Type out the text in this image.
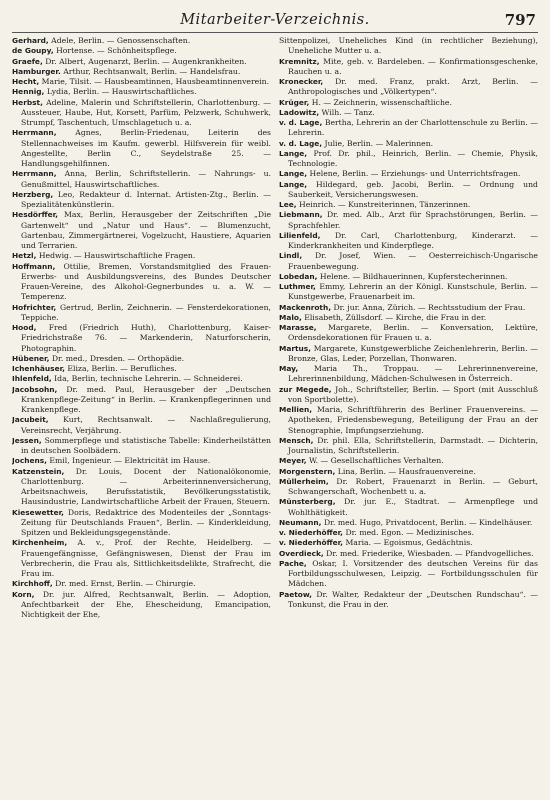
Mitarbeiter-Verzeichnis.	797

Gerhard, Adele, Berlin. — Genossenschaften.

de Goupy, Hortense. — Schönheitspflege.

Graefe, Dr. Albert, Augenarzt, Berlin. — Augenkrankheiten.

Hamburger. Arthur, Rechtsanwalt, Berlin. — Handelsfrau.

Hecht, Marie, Tilsit. — Hausbeamtinnen, Hausbeamtinnenverein.

Hennig, Lydia, Berlin. — Hauswirtschaftliches.

Herbst, Adeline, Malerin und Schriftstellerin, Charlottenburg. — Aussteuer, Haube, Hut, Korsett, Parfüm, Pelzwerk, Schuhwerk, Strumpf, Taschentuch, Umschlagetuch u. a.

Herrmann, Agnes, Berlin-Friedenau, Leiterin des Stellennachweises im Kaufm. gewerbl. Hilfsverein für weibl. Angestellte, Berlin C., Seydelstraße 25. — Handlungsgehilfinnen.

Herrmann, Anna, Berlin, Schriftstellerin. — Nahrungs- u. Genußmittel, Hauswirtschaftliches.

Herzberg, Leo, Redakteur d. Internat. Artisten-Ztg., Berlin. — Spezialitätenkünstlerin.

Hesdörffer, Max, Berlin, Herausgeber der Zeitschriften „Die Gartenwelt“ und „Natur und Haus“. — Blumenzucht, Gartenbau, Zimmergärtnerei, Vogelzucht, Haustiere, Aquarien und Terrarien.

Hetzl, Hedwig. — Hauswirtschaftliche Fragen.

Hoffmann, Ottilie, Bremen, Vorstandsmitglied des Frauen-Erwerbs- und Ausbildungsvereins, des Bundes Deutscher Frauen-Vereine, des Alkohol-Gegnerbundes u. a. W. — Temperenz.

Hofrichter, Gertrud, Berlin, Zeichnerin. — Fensterdekorationen, Teppiche.

Hood, Fred (Friedrich Huth), Charlottenburg, Kaiser-Friedrichstraße 76. — Markenderin, Naturforscherin, Photographin.

Hübener, Dr. med., Dresden. — Orthopädie.

Ichenhäuser, Eliza, Berlin. — Berufliches.

Ihlenfeld, Ida, Berlin, technische Lehrerin. — Schneiderei.

Jacobsohn, Dr. med. Paul, Herausgeber der „Deutschen Krankenpflege-Zeitung“ in Berlin. — Krankenpflegerinnen und Krankenpflege.

Jacubeit, Kurt, Rechtsanwalt. — Nachlaßregulierung, Vereinsrecht, Verjährung.

Jessen, Sommerpflege und statistische Tabelle: Kinderheilstätten in deutschen Soolbädern.

Jochens, Emil, Ingenieur. — Elektricität im Hause.

Katzenstein, Dr. Louis, Docent der Nationalökonomie, Charlottenburg. — Arbeiterinnenversicherung, Arbeitsnachweis, Berufsstatistik, Bevölkerungsstatistik, Hausindustrie, Landwirtschaftliche Arbeit der Frauen, Steuern.

Kiesewetter, Doris, Redaktrice des Modenteiles der „Sonntags-Zeitung für Deutschlands Frauen“, Berlin. — Kinderkleidung, Spitzen und Bekleidungsgegenstände.

Kirchenheim, A. v., Prof. der Rechte, Heidelberg. — Frauengefängnisse, Gefängniswesen, Dienst der Frau im Verbrecherin, die Frau als, Sittlichkeitsdelikte, Strafrecht, die Frau im.

Kirchhoff, Dr. med. Ernst, Berlin. — Chirurgie.

Korn, Dr. jur. Alfred, Rechtsanwalt, Berlin. — Adoption, Anfechtbarkeit der Ehe, Ehescheidung, Emancipation, Nichtigkeit der Ehe,

Sittenpolizei, Uneheliches Kind (in rechtlicher Beziehung), Uneheliche Mutter u. a.

Kremnitz, Mite, geb. v. Bardeleben. — Konfirmationsgeschenke, Rauchen u. a.

Kronecker, Dr. med. Franz, prakt. Arzt, Berlin. — Anthropologisches und „Völkertypen“.

Krüger, H. — Zeichnerin, wissenschaftliche.

Ladowitz, Wilh. — Tanz.

v. d. Lage, Bertha, Lehrerin an der Charlottenschule zu Berlin. — Lehrerin.

v. d. Lage, Julie, Berlin. — Malerinnen.

Lange, Prof. Dr. phil., Heinrich, Berlin. — Chemie, Physik, Technologie.

Lange, Helene, Berlin. — Erziehungs- und Unterrichtsfragen.

Lange, Hildegard, geb. Jacobi, Berlin. — Ordnung und Sauberkeit, Versicherungswesen.

Lee, Heinrich. — Kunstreiterinnen, Tänzerinnen.

Liebmann, Dr. med. Alb., Arzt für Sprachstörungen, Berlin. — Sprachfehler.

Lilienfeld, Dr. Carl, Charlottenburg, Kinderarzt. — Kinderkrankheiten und Kinderpflege.

Lindl, Dr. Josef, Wien. — Oesterreichisch-Ungarische Frauenbewegung.

Lobedan, Helene. — Bildhauerinnen, Kupferstecherinnen.

Luthmer, Emmy, Lehrerin an der Königl. Kunstschule, Berlin. — Kunstgewerbe, Frauenarbeit im.

Mackenroth, Dr. jur. Anna, Zürich. — Rechtsstudium der Frau.

Malo, Elisabeth, Züllsdorf. — Kirche, die Frau in der.

Marasse, Margarete, Berlin. — Konversation, Lektüre, Ordensdekorationen für Frauen u. a.

Martus, Margarete, Kunstgewerbliche Zeichenlehrerin, Berlin. — Bronze, Glas, Leder, Porzellan, Thonwaren.

May, Maria Th., Troppau. — Lehrerinnenvereine, Lehrerinnenbildung, Mädchen-Schulwesen in Österreich.

zur Megede, Joh., Schriftsteller, Berlin. — Sport (mit Ausschluß von Sportbolette).

Mellien, Maria, Schriftführerin des Berliner Frauenvereins. — Apotheken, Friedensbewegung, Beteiligung der Frau an der Stenographie, Impfungserziehung.

Mensch, Dr. phil. Ella, Schriftstellerin, Darmstadt. — Dichterin, Journalistin, Schriftstellerin.

Meyer, W. — Gesellschaftliches Verhalten.

Morgenstern, Lina, Berlin. — Hausfrauenvereine.

Müllerheim, Dr. Robert, Frauenarzt in Berlin. — Geburt, Schwangerschaft, Wochenbett u. a.

Münsterberg, Dr. jur. E., Stadtrat. — Armenpflege und Wohlthätigkeit.

Neumann, Dr. med. Hugo, Privatdocent, Berlin. — Kindelhäuser.

v. Niederhöffer, Dr. med. Egon. — Medizinisches.

v. Niederhöffer, Maria. — Egoismus, Gedächtnis.

Overdieck, Dr. med. Friederike, Wiesbaden. — Pfandvogelliches.

Pache, Oskar, I. Vorsitzender des deutschen Vereins für das Fortbildungsschulwesen, Leipzig. — Fortbildungsschulen für Mädchen.

Paetow, Dr. Walter, Redakteur der „Deutschen Rundschau“. — Tonkunst, die Frau in der.
